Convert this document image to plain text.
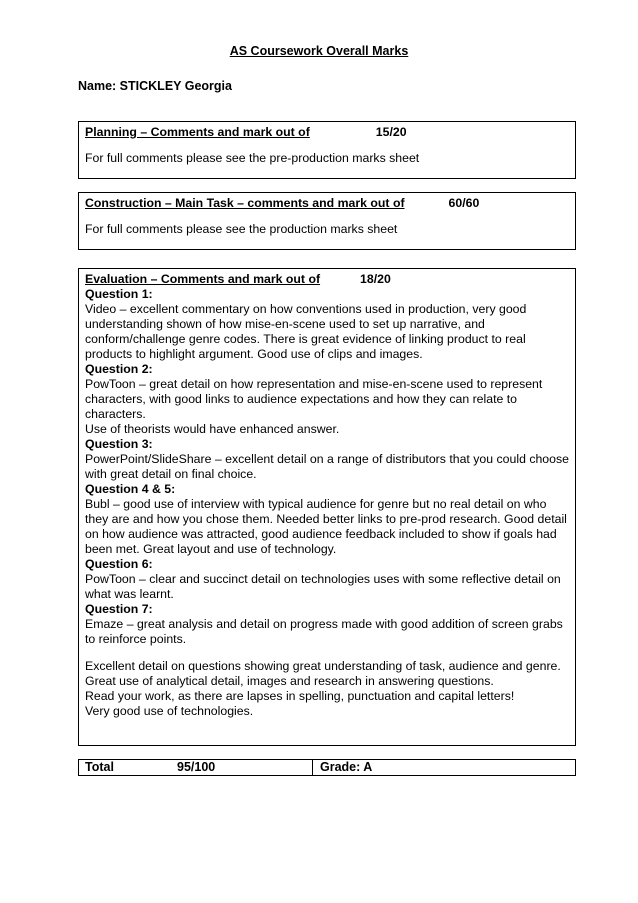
AS Coursework Overall Marks
Name: STICKLEY Georgia
Planning – Comments and mark out of	15/20
For full comments please see the pre-production marks sheet
Construction – Main Task – comments and mark out of	60/60
For full comments please see the production marks sheet
Evaluation – Comments and mark out of	18/20
Question 1:

Video – excellent commentary on how conventions used in production, very good understanding shown of how mise-en-scene used to set up narrative, and conform/challenge genre codes. There is great evidence of linking product to real products to highlight argument. Good use of clips and images.

Question 2:

PowToon – great detail on how representation and mise-en-scene used to represent characters, with good links to audience expectations and how they can relate to characters.

Use of theorists would have enhanced answer.

Question 3:

PowerPoint/SlideShare – excellent detail on a range of distributors that you could choose with great detail on final choice.

Question 4 & 5:

Bubl – good use of interview with typical audience for genre but no real detail on who they are and how you chose them. Needed better links to pre-prod research. Good detail on how audience was attracted, good audience feedback included to show if goals had been met. Great layout and use of technology.

Question 6:

PowToon – clear and succinct detail on technologies uses with some reflective detail on what was learnt.

Question 7:

Emaze – great analysis and detail on progress made with good addition of screen grabs to reinforce points.

Excellent detail on questions showing great understanding of task, audience and genre.

Great use of analytical detail, images and research in answering questions.

Read your work, as there are lapses in spelling, punctuation and capital letters!

Very good use of technologies.

Total	95/100	Grade: A
